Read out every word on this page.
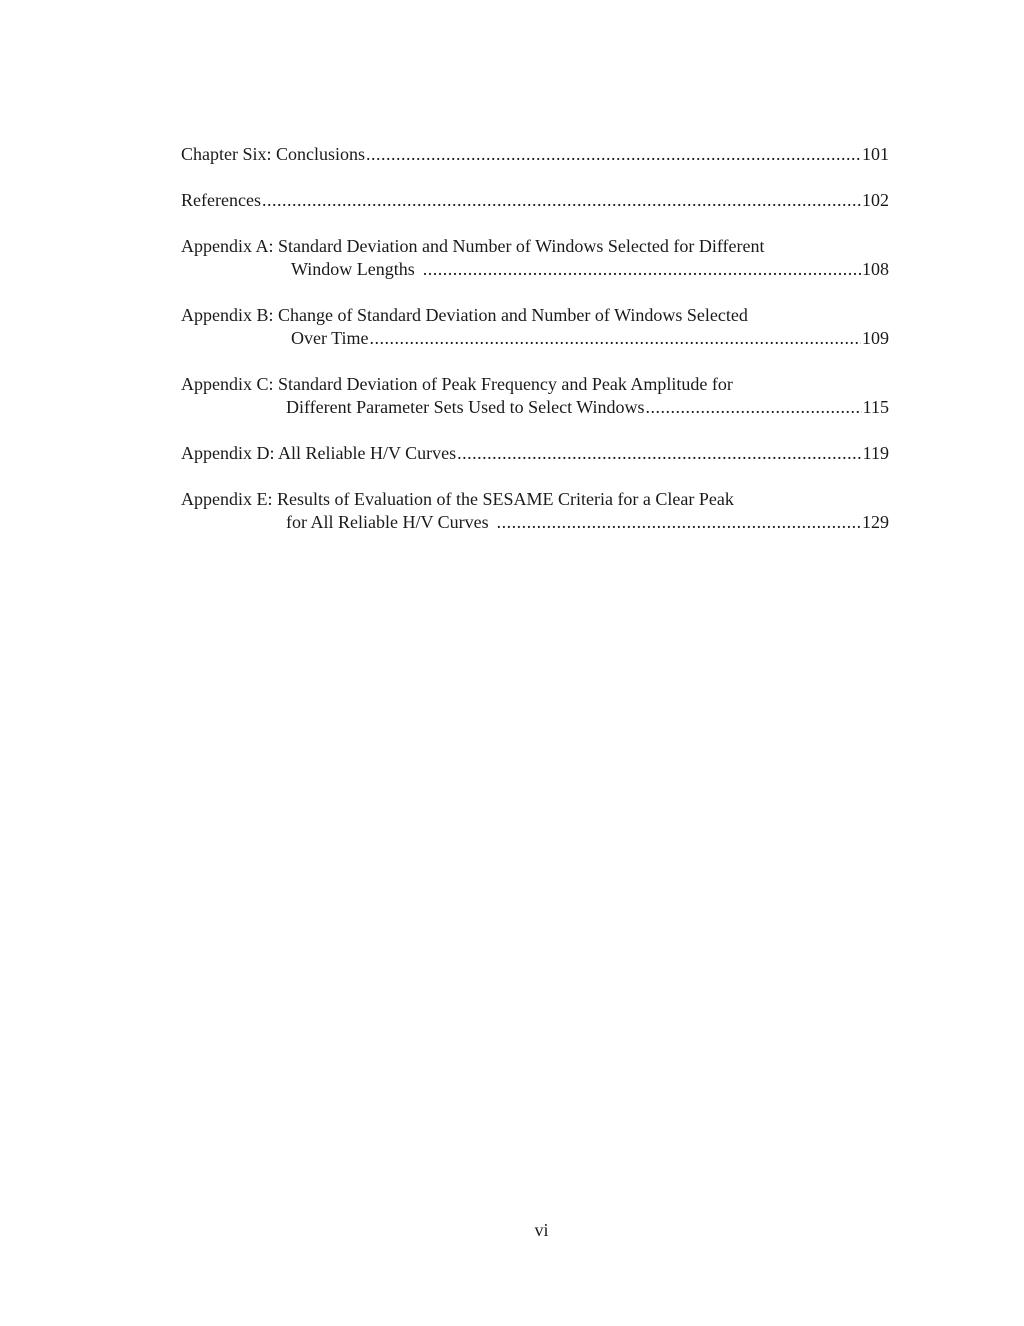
Chapter Six: Conclusions .....	101
References .....	102
Appendix A: Standard Deviation and Number of Windows Selected for Different
Window Lengths .....	108
Appendix B: Change of Standard Deviation and Number of Windows Selected
Over Time .....	109
Appendix C: Standard Deviation of Peak Frequency and Peak Amplitude for
Different Parameter Sets Used to Select Windows .....	115
Appendix D: All Reliable H/V Curves .....	119
Appendix E: Results of Evaluation of the SESAME Criteria for a Clear Peak
for All Reliable H/V Curves .....	129
vi
